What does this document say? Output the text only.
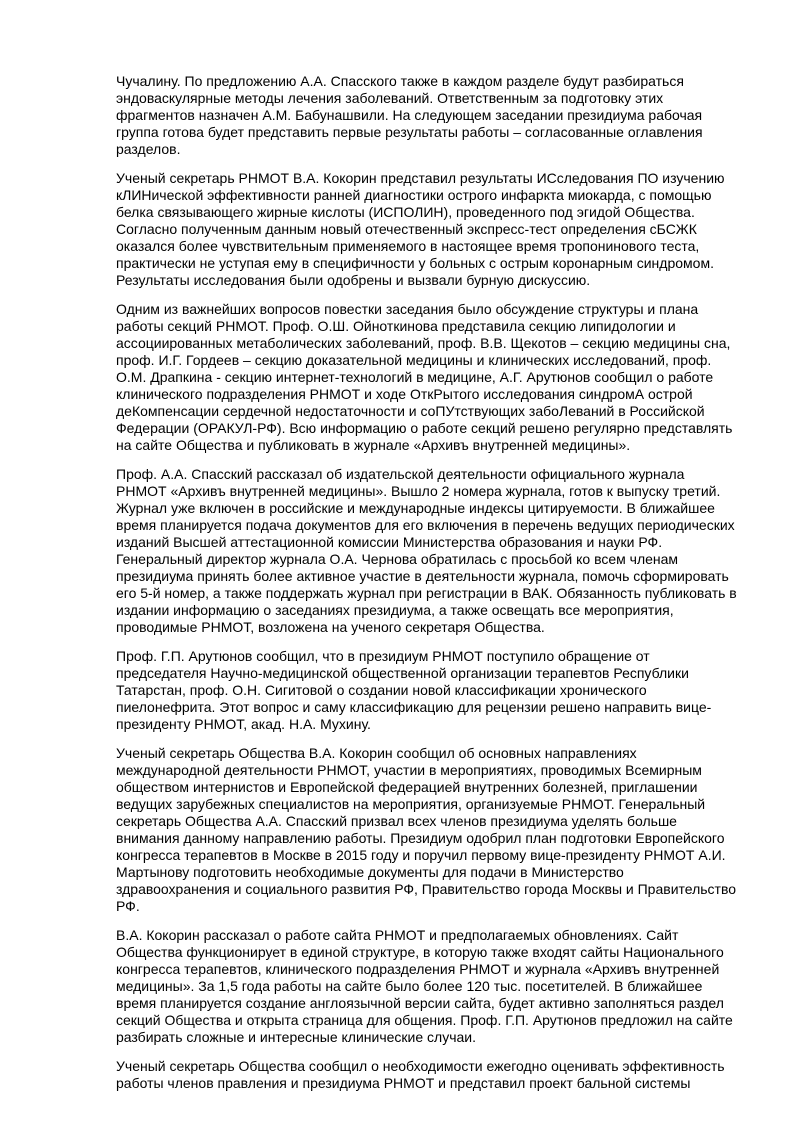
Чучалину. По предложению А.А. Спасского также в каждом разделе будут разбираться
эндоваскулярные методы лечения заболеваний. Ответственным за подготовку этих
фрагментов назначен А.М. Бабунашвили. На следующем заседании президиума рабочая
группа готова будет представить первые результаты работы – согласованные оглавления
разделов.

Ученый секретарь РНМОТ В.А. Кокорин представил результаты ИСследования ПО изучению
кЛИНической эффективности ранней диагностики острого инфаркта миокарда, с помощью
белка связывающего жирные кислоты (ИСПОЛИН), проведенного под эгидой Общества.
Согласно полученным данным новый отечественный экспресс-тест определения сБСЖК
оказался более чувствительным применяемого в настоящее время тропонинового теста,
практически не уступая ему в специфичности у больных с острым коронарным синдромом.
Результаты исследования были одобрены и вызвали бурную дискуссию.

Одним из важнейших вопросов повестки заседания было обсуждение структуры и плана
работы секций РНМОТ. Проф. О.Ш. Ойноткинова представила секцию липидологии и
ассоциированных метаболических заболеваний, проф. В.В. Щекотов – секцию медицины сна,
проф. И.Г. Гордеев – секцию доказательной медицины и клинических исследований, проф.
О.М. Драпкина - секцию интернет-технологий в медицине, А.Г. Арутюнов сообщил о работе
клинического подразделения РНМОТ и ходе ОткРытого исследования синдромА острой
деКомпенсации сердечной недостаточности и соПУтствующих забоЛеваний в Российской
Федерации (ОРАКУЛ-РФ). Всю информацию о работе секций решено регулярно представлять
на сайте Общества и публиковать в журнале «Архивъ внутренней медицины».

Проф. А.А. Спасский рассказал об издательской деятельности официального журнала
РНМОТ «Архивъ внутренней медицины». Вышло 2 номера журнала, готов к выпуску третий.
Журнал уже включен в российские и международные индексы цитируемости. В ближайшее
время планируется подача документов для его включения в перечень ведущих периодических
изданий Высшей аттестационной комиссии Министерства образования и науки РФ.
Генеральный директор журнала О.А. Чернова обратилась с просьбой ко всем членам
президиума принять более активное участие в деятельности журнала, помочь сформировать
его 5-й номер, а также поддержать журнал при регистрации в ВАК. Обязанность публиковать в
издании информацию о заседаниях президиума, а также освещать все мероприятия,
проводимые РНМОТ, возложена на ученого секретаря Общества.

Проф. Г.П. Арутюнов сообщил, что в президиум РНМОТ поступило обращение от
председателя Научно-медицинской общественной организации терапевтов Республики
Татарстан, проф. О.Н. Сигитовой о создании новой классификации хронического
пиелонефрита. Этот вопрос и саму классификацию для рецензии решено направить вице-
президенту РНМОТ, акад. Н.А. Мухину.

Ученый секретарь Общества В.А. Кокорин сообщил об основных направлениях
международной деятельности РНМОТ, участии в мероприятиях, проводимых Всемирным
обществом интернистов и Европейской федерацией внутренних болезней, приглашении
ведущих зарубежных специалистов на мероприятия, организуемые РНМОТ. Генеральный
секретарь Общества А.А. Спасский призвал всех членов президиума уделять больше
внимания данному направлению работы. Президиум одобрил план подготовки Европейского
конгресса терапевтов в Москве в 2015 году и поручил первому вице-президенту РНМОТ А.И.
Мартынову подготовить необходимые документы для подачи в Министерство
здравоохранения и социального развития РФ, Правительство города Москвы и Правительство
РФ.

В.А. Кокорин рассказал о работе сайта РНМОТ и предполагаемых обновлениях. Сайт
Общества функционирует в единой структуре, в которую также входят сайты Национального
конгресса терапевтов, клинического подразделения РНМОТ и журнала «Архивъ внутренней
медицины». За 1,5 года работы на сайте было более 120 тыс. посетителей. В ближайшее
время планируется создание англоязычной версии сайта, будет активно заполняться раздел
секций Общества и открыта страница для общения. Проф. Г.П. Арутюнов предложил на сайте
разбирать сложные и интересные клинические случаи.

Ученый секретарь Общества сообщил о необходимости ежегодно оценивать эффективность
работы членов правления и президиума РНМОТ и представил проект бальной системы
